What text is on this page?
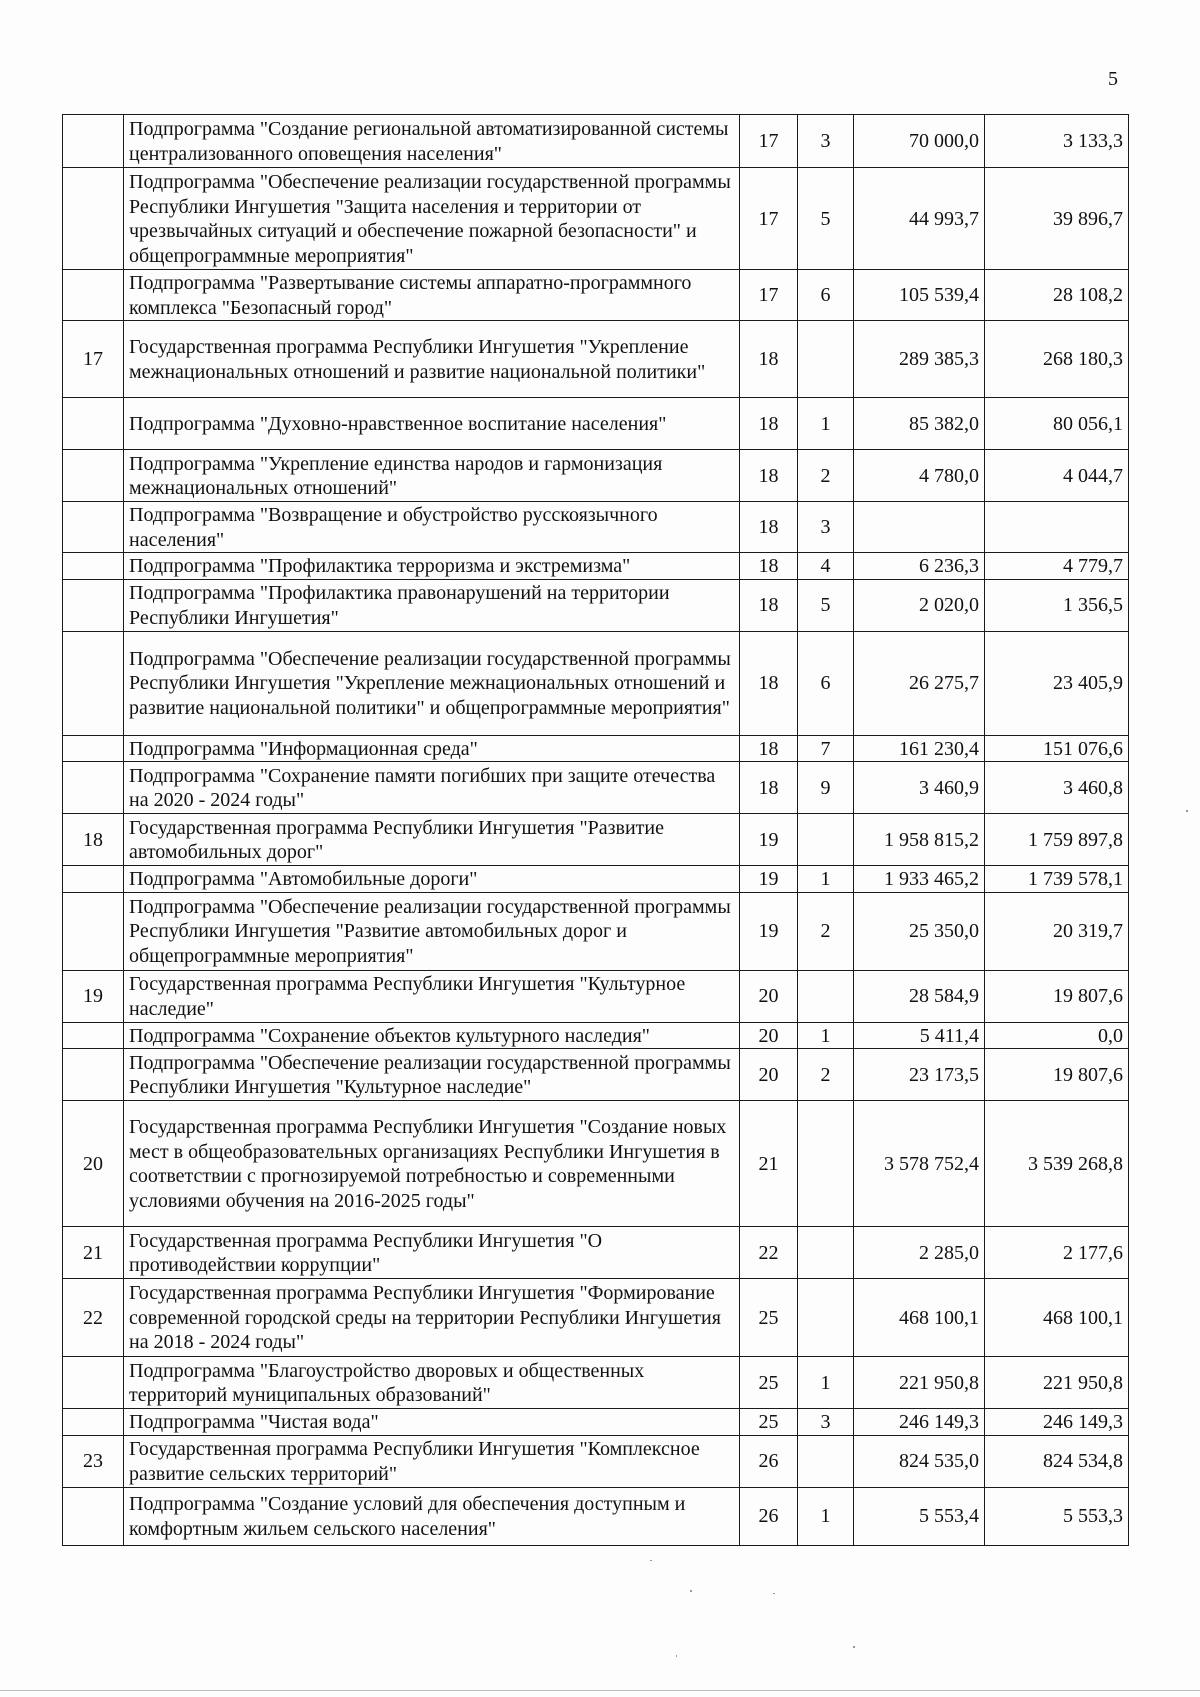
5
	Подпрограмма "Создание региональной автоматизированной системы централизованного оповещения населения"	17	3	70 000,0	3 133,3
	Подпрограмма "Обеспечение реализации государственной программы Республики Ингушетия "Защита населения и территории от чрезвычайных ситуаций и обеспечение пожарной безопасности" и общепрограммные мероприятия"	17	5	44 993,7	39 896,7
	Подпрограмма "Развертывание системы аппаратно-программного комплекса "Безопасный город"	17	6	105 539,4	28 108,2
17	Государственная программа Республики Ингушетия "Укрепление межнациональных отношений и развитие национальной политики"	18		289 385,3	268 180,3
	Подпрограмма "Духовно-нравственное воспитание населения"	18	1	85 382,0	80 056,1
	Подпрограмма "Укрепление единства народов и гармонизация межнациональных отношений"	18	2	4 780,0	4 044,7
	Подпрограмма "Возвращение и обустройство русскоязычного населения"	18	3		
	Подпрограмма "Профилактика терроризма и экстремизма"	18	4	6 236,3	4 779,7
	Подпрограмма "Профилактика правонарушений на территории Республики Ингушетия"	18	5	2 020,0	1 356,5
	Подпрограмма "Обеспечение реализации государственной программы Республики Ингушетия "Укрепление межнациональных отношений и развитие национальной политики" и общепрограммные мероприятия"	18	6	26 275,7	23 405,9
	Подпрограмма "Информационная среда"	18	7	161 230,4	151 076,6
	Подпрограмма "Сохранение памяти погибших при защите отечества на 2020 - 2024 годы"	18	9	3 460,9	3 460,8
18	Государственная программа Республики Ингушетия "Развитие автомобильных дорог"	19		1 958 815,2	1 759 897,8
	Подпрограмма "Автомобильные дороги"	19	1	1 933 465,2	1 739 578,1
	Подпрограмма "Обеспечение реализации государственной программы Республики Ингушетия "Развитие автомобильных дорог и общепрограммные мероприятия"	19	2	25 350,0	20 319,7
19	Государственная программа Республики Ингушетия "Культурное наследие"	20		28 584,9	19 807,6
	Подпрограмма "Сохранение объектов культурного наследия"	20	1	5 411,4	0,0
	Подпрограмма "Обеспечение реализации государственной программы Республики Ингушетия "Культурное наследие"	20	2	23 173,5	19 807,6
20	Государственная программа Республики Ингушетия "Создание новых мест в общеобразовательных организациях Республики Ингушетия в соответствии с прогнозируемой потребностью и современными условиями обучения на 2016-2025 годы"	21		3 578 752,4	3 539 268,8
21	Государственная программа Республики Ингушетия "О противодействии коррупции"	22		2 285,0	2 177,6
22	Государственная программа Республики Ингушетия "Формирование современной городской среды на территории Республики Ингушетия на 2018 - 2024 годы"	25		468 100,1	468 100,1
	Подпрограмма "Благоустройство дворовых и общественных территорий муниципальных образований"	25	1	221 950,8	221 950,8
	Подпрограмма "Чистая вода"	25	3	246 149,3	246 149,3
23	Государственная программа Республики Ингушетия "Комплексное развитие сельских территорий"	26		824 535,0	824 534,8
	Подпрограмма "Создание условий для обеспечения доступным и комфортным жильем сельского населения"	26	1	5 553,4	5 553,3
